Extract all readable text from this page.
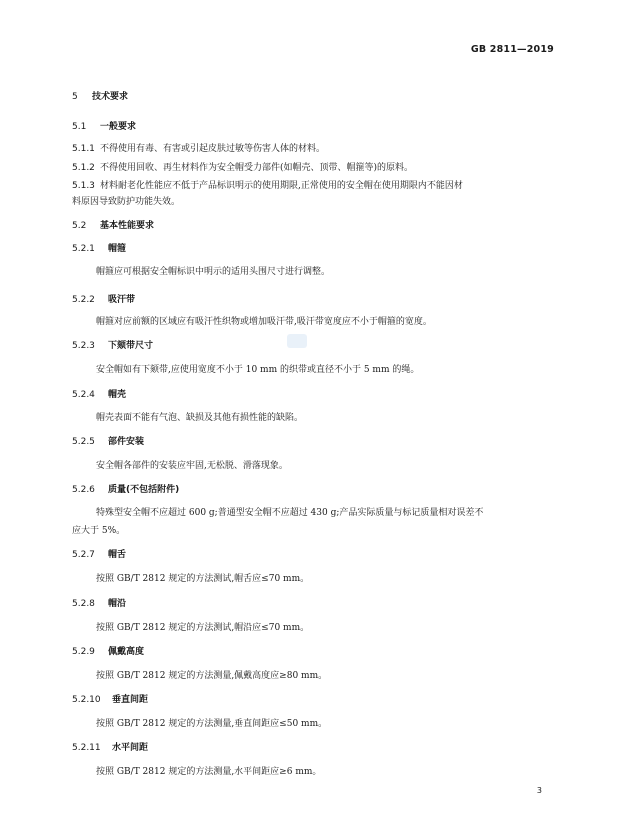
GB 2811—2019
5 技术要求
5.1 一般要求
5.1.1 不得使用有毒、有害或引起皮肤过敏等伤害人体的材料。
5.1.2 不得使用回收、再生材料作为安全帽受力部件(如帽壳、顶带、帽箍等)的原料。
5.1.3 材料耐老化性能应不低于产品标识明示的使用期限,正常使用的安全帽在使用期限内不能因材
料原因导致防护功能失效。
5.2 基本性能要求
5.2.1 帽箍
帽箍应可根据安全帽标识中明示的适用头围尺寸进行调整。
5.2.2 吸汗带
帽箍对应前额的区域应有吸汗性织物或增加吸汗带,吸汗带宽度应不小于帽箍的宽度。
5.2.3 下颏带尺寸
安全帽如有下颏带,应使用宽度不小于 10 mm 的织带或直径不小于 5 mm 的绳。
5.2.4 帽壳
帽壳表面不能有气泡、缺损及其他有损性能的缺陷。
5.2.5 部件安装
安全帽各部件的安装应牢固,无松脱、滑落现象。
5.2.6 质量(不包括附件)
特殊型安全帽不应超过 600 g;普通型安全帽不应超过 430 g;产品实际质量与标记质量相对误差不
应大于 5%。
5.2.7 帽舌
按照 GB/T 2812 规定的方法测试,帽舌应≤70 mm。
5.2.8 帽沿
按照 GB/T 2812 规定的方法测试,帽沿应≤70 mm。
5.2.9 佩戴高度
按照 GB/T 2812 规定的方法测量,佩戴高度应≥80 mm。
5.2.10 垂直间距
按照 GB/T 2812 规定的方法测量,垂直间距应≤50 mm。
5.2.11 水平间距
按照 GB/T 2812 规定的方法测量,水平间距应≥6 mm。
3
